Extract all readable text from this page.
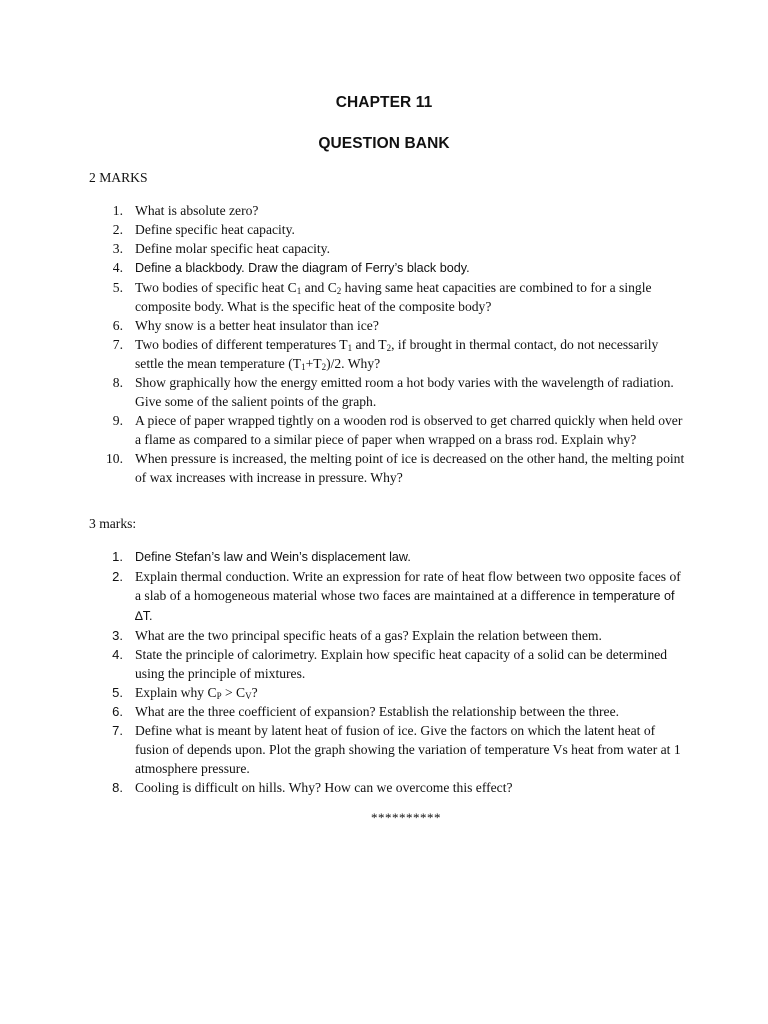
CHAPTER 11
QUESTION BANK
2 MARKS
1. What is absolute zero?
2. Define specific heat capacity.
3. Define molar specific heat capacity.
4. Define a blackbody. Draw the diagram of Ferry’s black body.
5. Two bodies of specific heat $C_1$ and $C_2$ having same heat capacities are combined to for a single composite body. What is the specific heat of the composite body?
6. Why snow is a better heat insulator than ice?
7. Two bodies of different temperatures $T_1$ and $T_2$, if brought in thermal contact, do not necessarily settle the mean temperature $(T_1+T_2)/2$. Why?
8. Show graphically how the energy emitted room a hot body varies with the wavelength of radiation. Give some of the salient points of the graph.
9. A piece of paper wrapped tightly on a wooden rod is observed to get charred quickly when held over a flame as compared to a similar piece of paper when wrapped on a brass rod. Explain why?
10. When pressure is increased, the melting point of ice is decreased on the other hand, the melting point of wax increases with increase in pressure. Why?
3 marks:
1. Define Stefan’s law and Wein’s displacement law.
2. Explain thermal conduction. Write an expression for rate of heat flow between two opposite faces of a slab of a homogeneous material whose two faces are maintained at a difference in temperature of ∆T.
3. What are the two principal specific heats of a gas? Explain the relation between them.
4. State the principle of calorimetry. Explain how specific heat capacity of a solid can be determined using the principle of mixtures.
5. Explain why $C_P > C_V$?
6. What are the three coefficient of expansion? Establish the relationship between the three.
7. Define what is meant by latent heat of fusion of ice. Give the factors on which the latent heat of fusion of depends upon. Plot the graph showing the variation of temperature Vs heat from water at 1 atmosphere pressure.
8. Cooling is difficult on hills. Why? How can we overcome this effect?
**********
